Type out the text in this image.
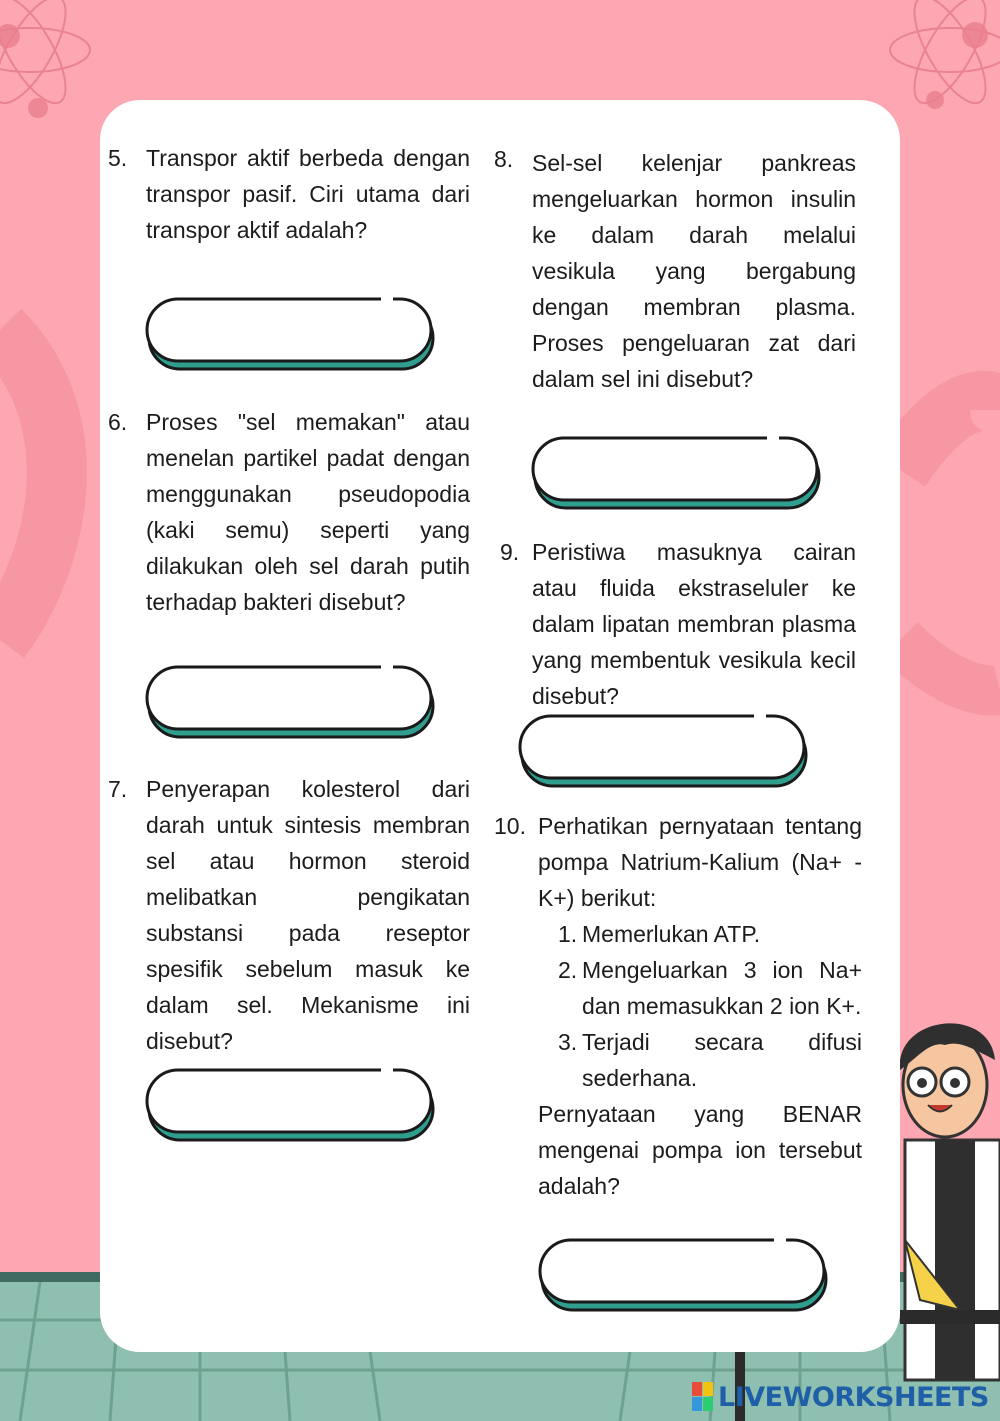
5. Transpor aktif berbeda dengan transpor pasif. Ciri utama dari transpor aktif adalah?
6. Proses "sel memakan" atau menelan partikel padat dengan menggunakan pseudopodia (kaki semu) seperti yang dilakukan oleh sel darah putih terhadap bakteri disebut?
7. Penyerapan kolesterol dari darah untuk sintesis membran sel atau hormon steroid melibatkan pengikatan substansi pada reseptor spesifik sebelum masuk ke dalam sel. Mekanisme ini disebut?
8. Sel-sel kelenjar pankreas mengeluarkan hormon insulin ke dalam darah melalui vesikula yang bergabung dengan membran plasma. Proses pengeluaran zat dari dalam sel ini disebut?
9. Peristiwa masuknya cairan atau fluida ekstraseluler ke dalam lipatan membran plasma yang membentuk vesikula kecil disebut?
10. Perhatikan pernyataan tentang pompa Natrium-Kalium (Na+ - K+) berikut:
1. Memerlukan ATP.
2. Mengeluarkan 3 ion Na+ dan memasukkan 2 ion K+.
3. Terjadi secara difusi sederhana.
Pernyataan yang BENAR mengenai pompa ion tersebut adalah?
LIVEWORKSHEETS
